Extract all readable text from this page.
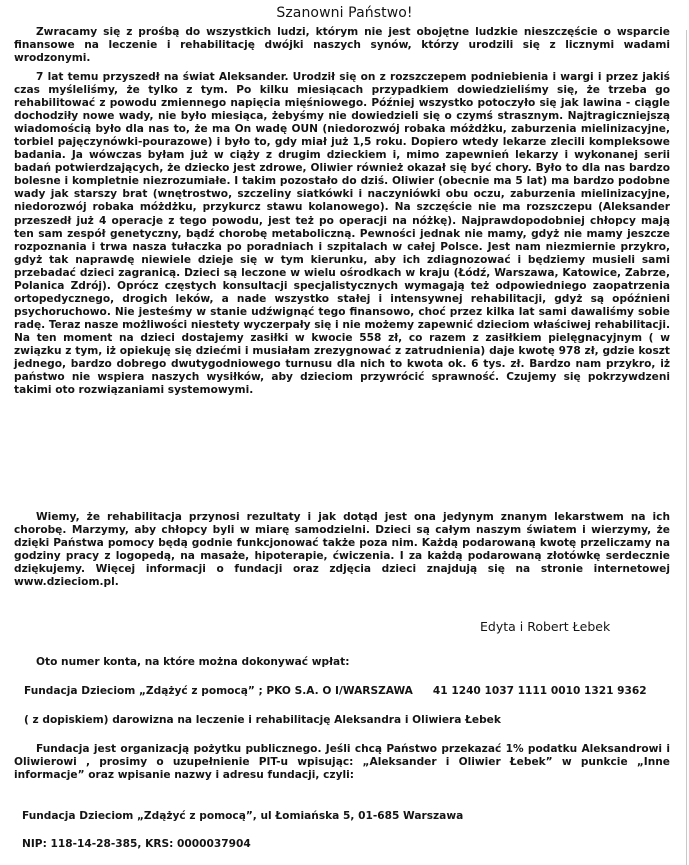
Szanowni Państwo!

Zwracamy się z prośbą do wszystkich ludzi, którym nie jest obojętne ludzkie nieszczęście o wsparcie finansowe na leczenie i rehabilitację dwójki naszych synów, którzy urodzili się z licznymi wadami wrodzonymi.

7 lat temu przyszedł na świat Aleksander. Urodził się on z rozszczepem podniebienia i wargi i przez jakiś czas myśleliśmy, że tylko z tym. Po kilku miesiącach przypadkiem dowiedzieliśmy się, że trzeba go rehabilitować z powodu zmiennego napięcia mięśniowego. Później wszystko potoczyło się jak lawina - ciągle dochodziły nowe wady, nie było miesiąca, żebyśmy nie dowiedzieli się o czymś strasznym. Najtragiczniejszą wiadomością było dla nas to, że ma On wadę OUN (niedorozwój robaka móżdżku, zaburzenia mielinizacyjne, torbiel pajęczynówki-pourazowe) i było to, gdy miał już 1,5 roku. Dopiero wtedy lekarze zlecili kompleksowe badania. Ja wówczas byłam już w ciąży z drugim dzieckiem i, mimo zapewnień lekarzy i wykonanej serii badań potwierdzających, że dziecko jest zdrowe, Oliwier również okazał się być chory. Było to dla nas bardzo bolesne i kompletnie niezrozumiałe. I takim pozostało do dziś. Oliwier (obecnie ma 5 lat) ma bardzo podobne wady jak starszy brat (wnętrostwo, szczeliny siatkówki i naczyniówki obu oczu, zaburzenia mielinizacyjne, niedorozwój robaka móżdżku, przykurcz stawu kolanowego). Na szczęście nie ma rozszczepu (Aleksander przeszedł już 4 operacje z tego powodu, jest też po operacji na nóżkę). Najprawdopodobniej chłopcy mają ten sam zespół genetyczny, bądź chorobę metaboliczną. Pewności jednak nie mamy, gdyż nie mamy jeszcze rozpoznania i trwa nasza tułaczka po poradniach i szpitalach w całej Polsce. Jest nam niezmiernie przykro, gdyż tak naprawdę niewiele dzieje się w tym kierunku, aby ich zdiagnozować i będziemy musieli sami przebadać dzieci zagranicą. Dzieci są leczone w wielu ośrodkach w kraju (Łódź, Warszawa, Katowice, Zabrze, Polanica Zdrój). Oprócz częstych konsultacji specjalistycznych wymagają też odpowiedniego zaopatrzenia ortopedycznego, drogich leków, a nade wszystko stałej i intensywnej rehabilitacji, gdyż są opóźnieni psychoruchowo. Nie jesteśmy w stanie udźwignąć tego finansowo, choć przez kilka lat sami dawaliśmy sobie radę. Teraz nasze możliwości niestety wyczerpały się i nie możemy zapewnić dzieciom właściwej rehabilitacji. Na ten moment na dzieci dostajemy zasiłki w kwocie 558 zł, co razem z zasiłkiem pielęgnacyjnym ( w związku z tym, iż opiekuję się dziećmi i musiałam zrezygnować z zatrudnienia) daje kwotę 978 zł, gdzie koszt jednego, bardzo dobrego dwutygodniowego turnusu dla nich to kwota ok. 6 tys. zł. Bardzo nam przykro, iż państwo nie wspiera naszych wysiłków, aby dzieciom przywrócić sprawność. Czujemy się pokrzywdzeni takimi oto rozwiązaniami systemowymi.

Wiemy, że rehabilitacja przynosi rezultaty i jak dotąd jest ona jedynym znanym lekarstwem na ich chorobę. Marzymy, aby chłopcy byli w miarę samodzielni. Dzieci są całym naszym światem i wierzymy, że dzięki Państwa pomocy będą godnie funkcjonować także poza nim. Każdą podarowaną kwotę przeliczamy na godziny pracy z logopedą, na masaże, hipoterapie, ćwiczenia. I za każdą podarowaną złotówkę serdecznie dziękujemy. Więcej informacji o fundacji oraz zdjęcia dzieci znajdują się na stronie internetowej www.dzieciom.pl.

Edyta i Robert Łebek
Oto numer konta, na które można dokonywać wpłat:
Fundacja Dzieciom „Zdążyć z pomocą” ; PKO S.A. O I/WARSZAWA 41 1240 1037 1111 0010 1321 9362
( z dopiskiem) darowizna na leczenie i rehabilitację Aleksandra i Oliwiera Łebek

Fundacja jest organizacją pożytku publicznego. Jeśli chcą Państwo przekazać 1% podatku Aleksandrowi i Oliwierowi , prosimy o uzupełnienie PIT-u wpisując: „Aleksander i Oliwier Łebek” w punkcie „Inne informacje” oraz wpisanie nazwy i adresu fundacji, czyli:

Fundacja Dzieciom „Zdążyć z pomocą”, ul Łomiańska 5, 01-685 Warszawa
NIP: 118-14-28-385, KRS: 0000037904
